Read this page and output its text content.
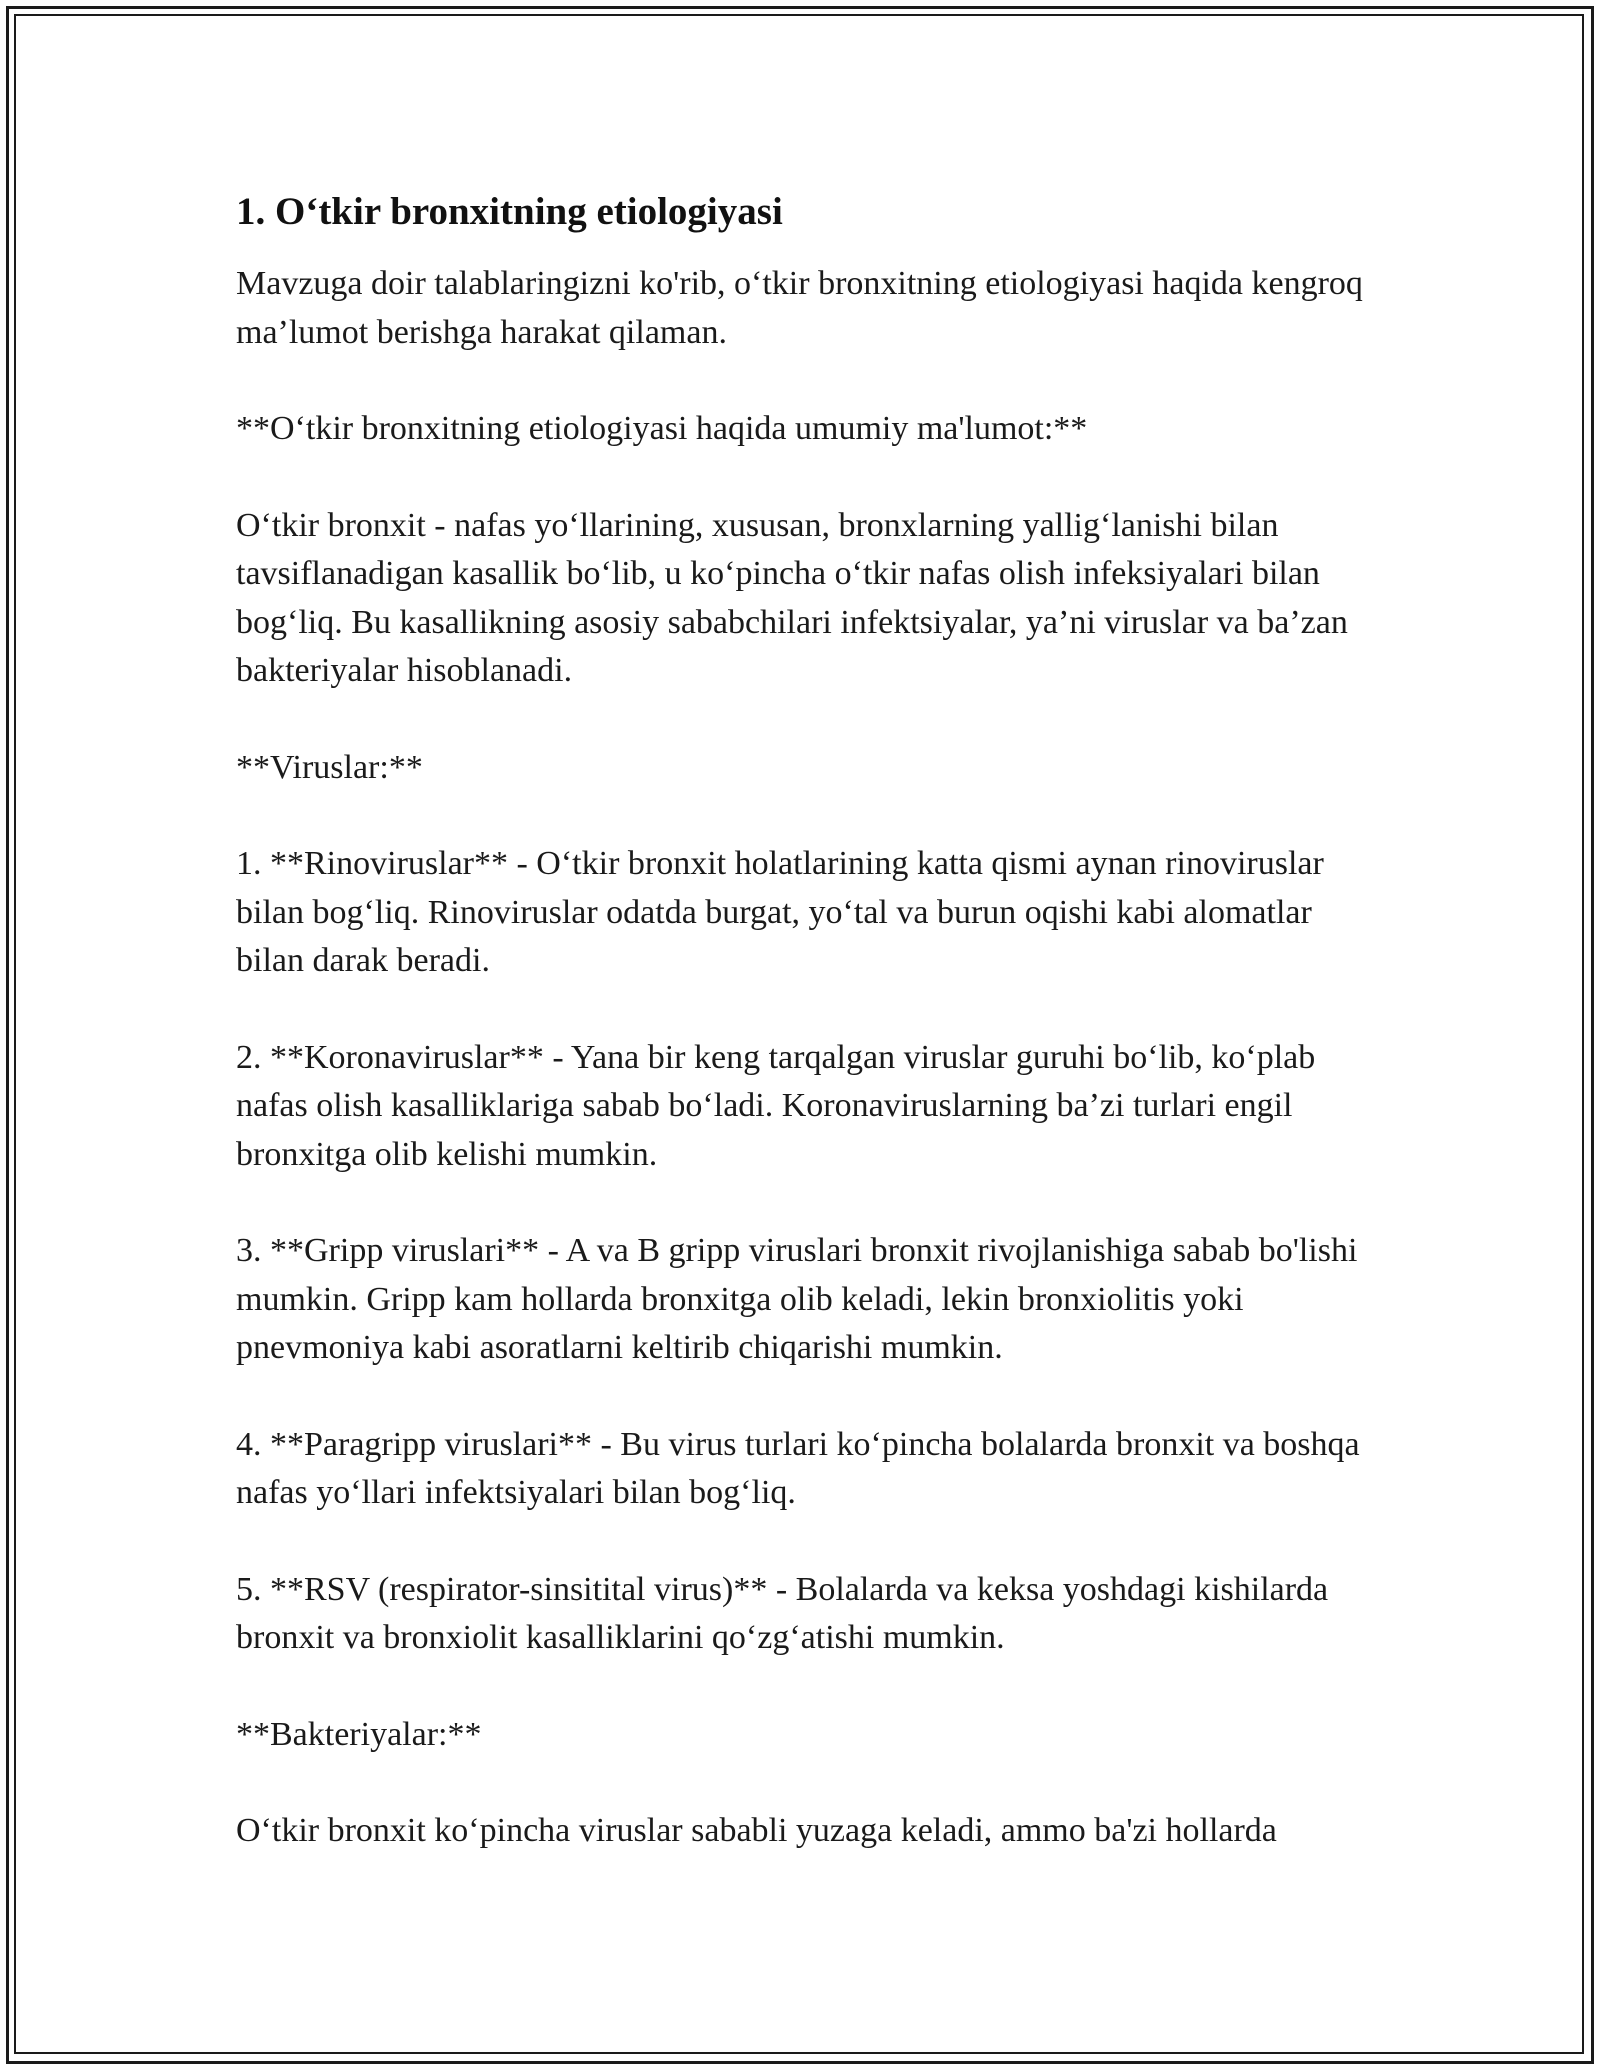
1. O‘tkir bronxitning etiologiyasi

Mavzuga doir talablaringizni ko'rib, o‘tkir bronxitning etiologiyasi haqida kengroq ma’lumot berishga harakat qilaman.

**O‘tkir bronxitning etiologiyasi haqida umumiy ma'lumot:**

O‘tkir bronxit - nafas yo‘llarining, xususan, bronxlarning yallig‘lanishi bilan tavsiflanadigan kasallik bo‘lib, u ko‘pincha o‘tkir nafas olish infeksiyalari bilan bog‘liq. Bu kasallikning asosiy sababchilari infektsiyalar, ya’ni viruslar va ba’zan bakteriyalar hisoblanadi.

**Viruslar:**

1. **Rinoviruslar** - O‘tkir bronxit holatlarining katta qismi aynan rinoviruslar bilan bog‘liq. Rinoviruslar odatda burgat, yo‘tal va burun oqishi kabi alomatlar bilan darak beradi.

2. **Koronaviruslar** - Yana bir keng tarqalgan viruslar guruhi bo‘lib, ko‘plab nafas olish kasalliklariga sabab bo‘ladi. Koronaviruslarning ba’zi turlari engil bronxitga olib kelishi mumkin.

3. **Gripp viruslari** - A va B gripp viruslari bronxit rivojlanishiga sabab bo'lishi mumkin. Gripp kam hollarda bronxitga olib keladi, lekin bronxiolitis yoki pnevmoniya kabi asoratlarni keltirib chiqarishi mumkin.

4. **Paragripp viruslari** - Bu virus turlari ko‘pincha bolalarda bronxit va boshqa nafas yo‘llari infektsiyalari bilan bog‘liq.

5. **RSV (respirator-sinsitital virus)** - Bolalarda va keksa yoshdagi kishilarda bronxit va bronxiolit kasalliklarini qo‘zg‘atishi mumkin.

**Bakteriyalar:**

O‘tkir bronxit ko‘pincha viruslar sababli yuzaga keladi, ammo ba'zi hollarda
